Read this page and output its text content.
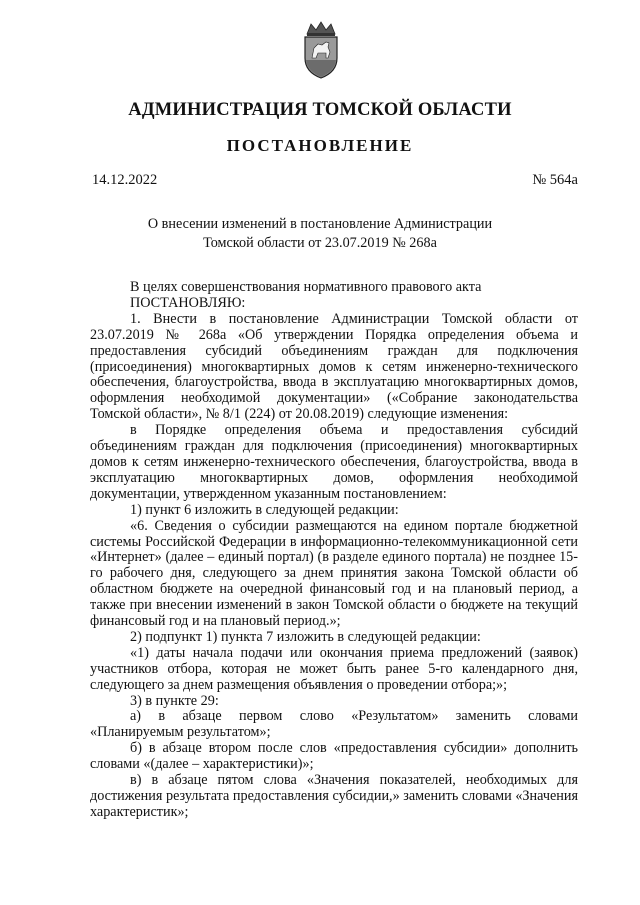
АДМИНИСТРАЦИЯ ТОМСКОЙ ОБЛАСТИ
ПОСТАНОВЛЕНИЕ
14.12.2022	№ 564а
О внесении изменений в постановление Администрации
Томской области от 23.07.2019 № 268а

В целях совершенствования нормативного правового акта

ПОСТАНОВЛЯЮ:

1. Внести в постановление Администрации Томской области от 23.07.2019 № 268а «Об утверждении Порядка определения объема и предоставления субсидий объединениям граждан для подключения (присоединения) многоквартирных домов к сетям инженерно-технического обеспечения, благоустройства, ввода в эксплуатацию многоквартирных домов, оформления необходимой документации» («Собрание законодательства Томской области», № 8/1 (224) от 20.08.2019) следующие изменения:

в Порядке определения объема и предоставления субсидий объединениям граждан для подключения (присоединения) многоквартирных домов к сетям инженерно-технического обеспечения, благоустройства, ввода в эксплуатацию многоквартирных домов, оформления необходимой документации, утвержденном указанным постановлением:

1) пункт 6 изложить в следующей редакции:

«6. Сведения о субсидии размещаются на едином портале бюджетной системы Российской Федерации в информационно-телекоммуникационной сети «Интернет» (далее – единый портал) (в разделе единого портала) не позднее 15-го рабочего дня, следующего за днем принятия закона Томской области об областном бюджете на очередной финансовый год и на плановый период, а также при внесении изменений в закон Томской области о бюджете на текущий финансовый год и на плановый период.»;

2) подпункт 1) пункта 7 изложить в следующей редакции:

«1) даты начала подачи или окончания приема предложений (заявок) участников отбора, которая не может быть ранее 5-го календарного дня, следующего за днем размещения объявления о проведении отбора;»;

3) в пункте 29:

а) в абзаце первом слово «Результатом» заменить словами «Планируемым результатом»;

б) в абзаце втором после слов «предоставления субсидии» дополнить словами «(далее – характеристики)»;

в) в абзаце пятом слова «Значения показателей, необходимых для достижения результата предоставления субсидии,» заменить словами «Значения характеристик»;
